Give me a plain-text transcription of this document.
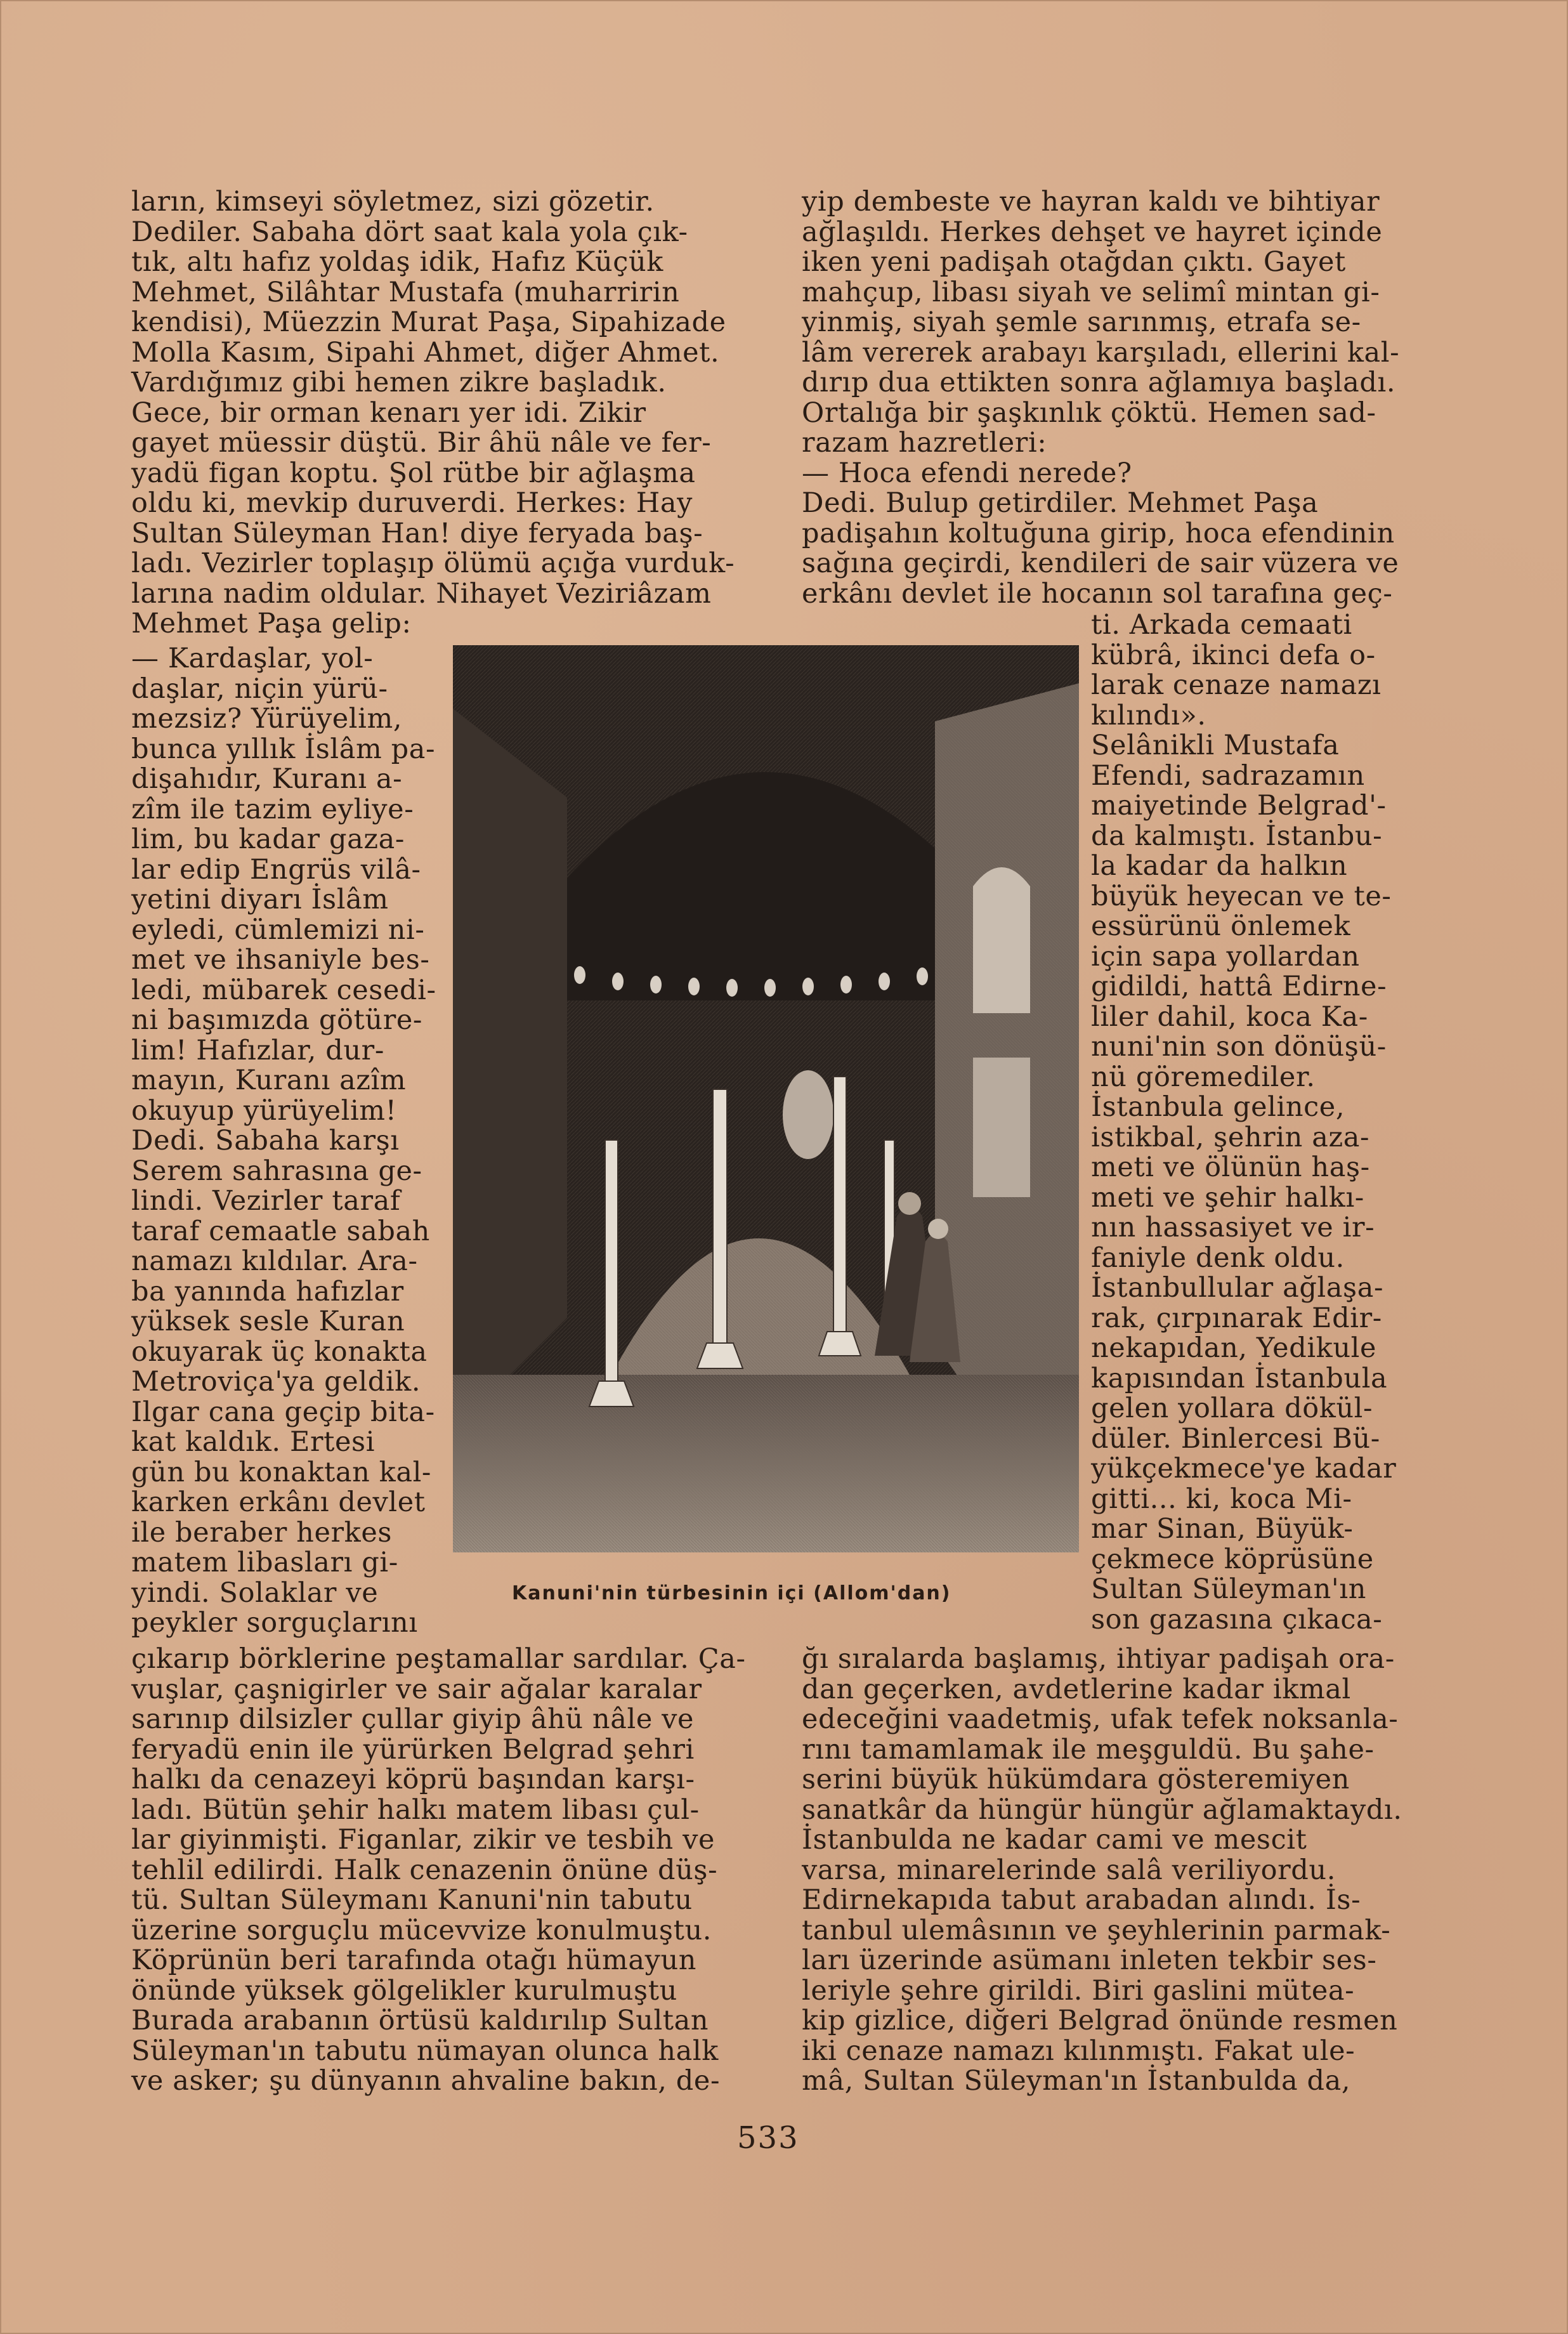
ların, kimseyi söyletmez, sizi gözetir.
Dediler. Sabaha dört saat kala yola çık-
tık, altı hafız yoldaş idik, Hafız Küçük
Mehmet, Silâhtar Mustafa (muharririn
kendisi), Müezzin Murat Paşa, Sipahizade
Molla Kasım, Sipahi Ahmet, diğer Ahmet.
Vardığımız gibi hemen zikre başladık.
Gece, bir orman kenarı yer idi. Zikir
gayet müessir düştü. Bir âhü nâle ve fer-
yadü figan koptu. Şol rütbe bir ağlaşma
oldu ki, mevkip duruverdi. Herkes: Hay
Sultan Süleyman Han! diye feryada baş-
ladı. Vezirler toplaşıp ölümü açığa vurduk-
larına nadim oldular. Nihayet Veziriâzam
Mehmet Paşa gelip:
— Kardaşlar, yol-
daşlar, niçin yürü-
mezsiz? Yürüyelim,
bunca yıllık İslâm pa-
dişahıdır, Kuranı a-
zîm ile tazim eyliye-
lim, bu kadar gaza-
lar edip Engrüs vilâ-
yetini diyarı İslâm
eyledi, cümlemizi ni-
met ve ihsaniyle bes-
ledi, mübarek cesedi-
ni başımızda götüre-
lim! Hafızlar, dur-
mayın, Kuranı azîm
okuyup yürüyelim!
Dedi. Sabaha karşı
Serem sahrasına ge-
lindi. Vezirler taraf
taraf cemaatle sabah
namazı kıldılar. Ara-
ba yanında hafızlar
yüksek sesle Kuran
okuyarak üç konakta
Metroviça'ya geldik.
Ilgar cana geçip bita-
kat kaldık. Ertesi
gün bu konaktan kal-
karken erkânı devlet
ile beraber herkes
matem libasları gi-
yindi. Solaklar ve
peykler sorguçlarını
çıkarıp börklerine peştamallar sardılar. Ça-
vuşlar, çaşnigirler ve sair ağalar karalar
sarınıp dilsizler çullar giyip âhü nâle ve
feryadü enin ile yürürken Belgrad şehri
halkı da cenazeyi köprü başından karşı-
ladı. Bütün şehir halkı matem libası çul-
lar giyinmişti. Figanlar, zikir ve tesbih ve
tehlil edilirdi. Halk cenazenin önüne düş-
tü. Sultan Süleymanı Kanuni'nin tabutu
üzerine sorguçlu mücevvize konulmuştu.
Köprünün beri tarafında otağı hümayun
önünde yüksek gölgelikler kurulmuştu
Burada arabanın örtüsü kaldırılıp Sultan
Süleyman'ın tabutu nümayan olunca halk
ve asker; şu dünyanın ahvaline bakın, de-
yip dembeste ve hayran kaldı ve bihtiyar
ağlaşıldı. Herkes dehşet ve hayret içinde
iken yeni padişah otağdan çıktı. Gayet
mahçup, libası siyah ve selimî mintan gi-
yinmiş, siyah şemle sarınmış, etrafa se-
lâm vererek arabayı karşıladı, ellerini kal-
dırıp dua ettikten sonra ağlamıya başladı.
Ortalığa bir şaşkınlık çöktü. Hemen sad-
razam hazretleri:
— Hoca efendi nerede?
Dedi. Bulup getirdiler. Mehmet Paşa
padişahın koltuğuna girip, hoca efendinin
sağına geçirdi, kendileri de sair vüzera ve
erkânı devlet ile hocanın sol tarafına geç-
ti. Arkada cemaati
kübrâ, ikinci defa o-
larak cenaze namazı
kılındı».
Selânikli Mustafa
Efendi, sadrazamın
maiyetinde Belgrad'-
da kalmıştı. İstanbu-
la kadar da halkın
büyük heyecan ve te-
essürünü önlemek
için sapa yollardan
gidildi, hattâ Edirne-
liler dahil, koca Ka-
nuni'nin son dönüşü-
nü göremediler.
İstanbula gelince,
istikbal, şehrin aza-
meti ve ölünün haş-
meti ve şehir halkı-
nın hassasiyet ve ir-
faniyle denk oldu.
İstanbullular ağlaşa-
rak, çırpınarak Edir-
nekapıdan, Yedikule
kapısından İstanbula
gelen yollara dökül-
düler. Binlercesi Bü-
yükçekmece'ye kadar
gitti... ki, koca Mi-
mar Sinan, Büyük-
çekmece köprüsüne
Sultan Süleyman'ın
son gazasına çıkaca-
ğı sıralarda başlamış, ihtiyar padişah ora-
dan geçerken, avdetlerine kadar ikmal
edeceğini vaadetmiş, ufak tefek noksanla-
rını tamamlamak ile meşguldü. Bu şahe-
serini büyük hükümdara gösteremiyen
sanatkâr da hüngür hüngür ağlamaktaydı.
İstanbulda ne kadar cami ve mescit
varsa, minarelerinde salâ veriliyordu.
Edirnekapıda tabut arabadan alındı. İs-
tanbul ulemâsının ve şeyhlerinin parmak-
ları üzerinde asümanı inleten tekbir ses-
leriyle şehre girildi. Biri gaslini mütea-
kip gizlice, diğeri Belgrad önünde resmen
iki cenaze namazı kılınmıştı. Fakat ule-
mâ, Sultan Süleyman'ın İstanbulda da,
Kanuni'nin türbesinin içi (Allom'dan)
533
